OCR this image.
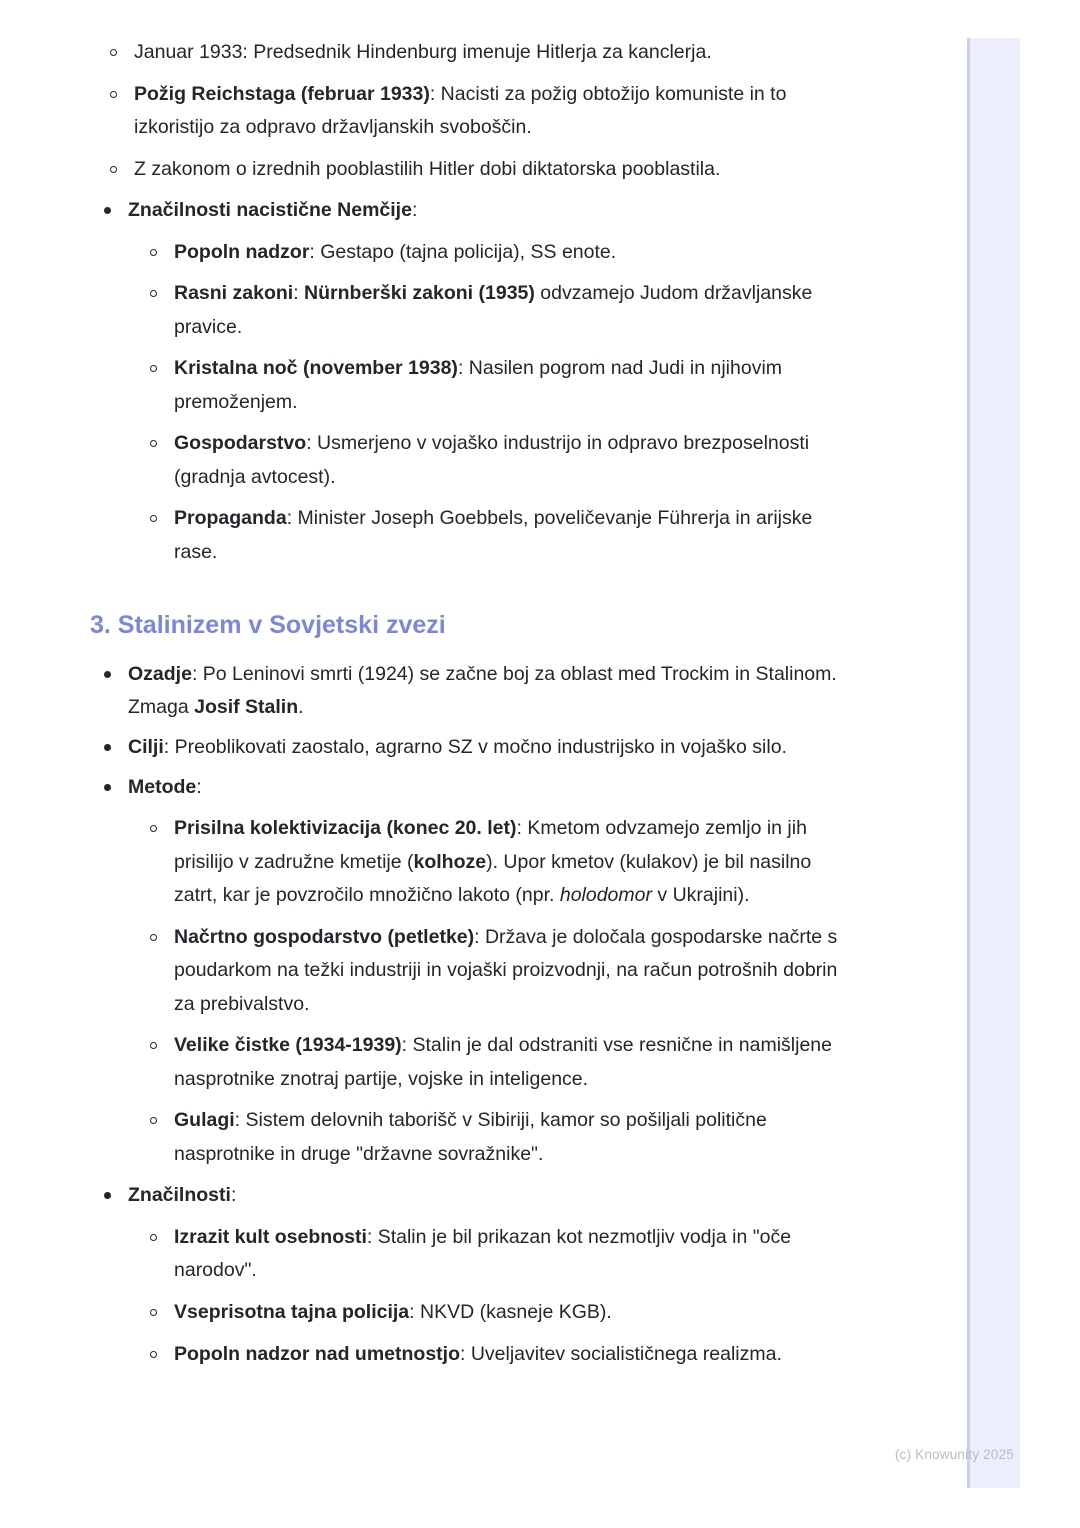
Januar 1933: Predsednik Hindenburg imenuje Hitlerja za kanclerja.
Požig Reichstaga (februar 1933): Nacisti za požig obtožijo komuniste in to izkoristijo za odpravo državljanskih svoboščin.
Z zakonom o izrednih pooblastilih Hitler dobi diktatorska pooblastila.
Značilnosti nacistične Nemčije:
Popoln nadzor: Gestapo (tajna policija), SS enote.
Rasni zakoni: Nürnberški zakoni (1935) odvzamejo Judom državljanske pravice.
Kristalna noč (november 1938): Nasilen pogrom nad Judi in njihovim premoženjem.
Gospodarstvo: Usmerjeno v vojaško industrijo in odpravo brezposelnosti (gradnja avtocest).
Propaganda: Minister Joseph Goebbels, poveličevanje Führerja in arijske rase.
3. Stalinizem v Sovjetski zvezi
Ozadje: Po Leninovi smrti (1924) se začne boj za oblast med Trockim in Stalinom. Zmaga Josif Stalin.
Cilji: Preoblikovati zaostalo, agrarno SZ v močno industrijsko in vojaško silo.
Metode:
Prisilna kolektivizacija (konec 20. let): Kmetom odvzamejo zemljo in jih prisilijo v zadružne kmetije (kolhoze). Upor kmetov (kulakov) je bil nasilno zatrt, kar je povzročilo množično lakoto (npr. holodomor v Ukrajini).
Načrtno gospodarstvo (petletke): Država je določala gospodarske načrte s poudarkom na težki industriji in vojaški proizvodnji, na račun potrošnih dobrin za prebivalstvo.
Velike čistke (1934-1939): Stalin je dal odstraniti vse resnične in namišljene nasprotnike znotraj partije, vojske in inteligence.
Gulagi: Sistem delovnih taborišč v Sibiriji, kamor so pošiljali politične nasprotnike in druge "državne sovražnike".
Značilnosti:
Izrazit kult osebnosti: Stalin je bil prikazan kot nezmotljiv vodja in "oče narodov".
Vseprisotna tajna policija: NKVD (kasneje KGB).
Popoln nadzor nad umetnostjo: Uveljavitev socialističnega realizma.
(c) Knowunity 2025
